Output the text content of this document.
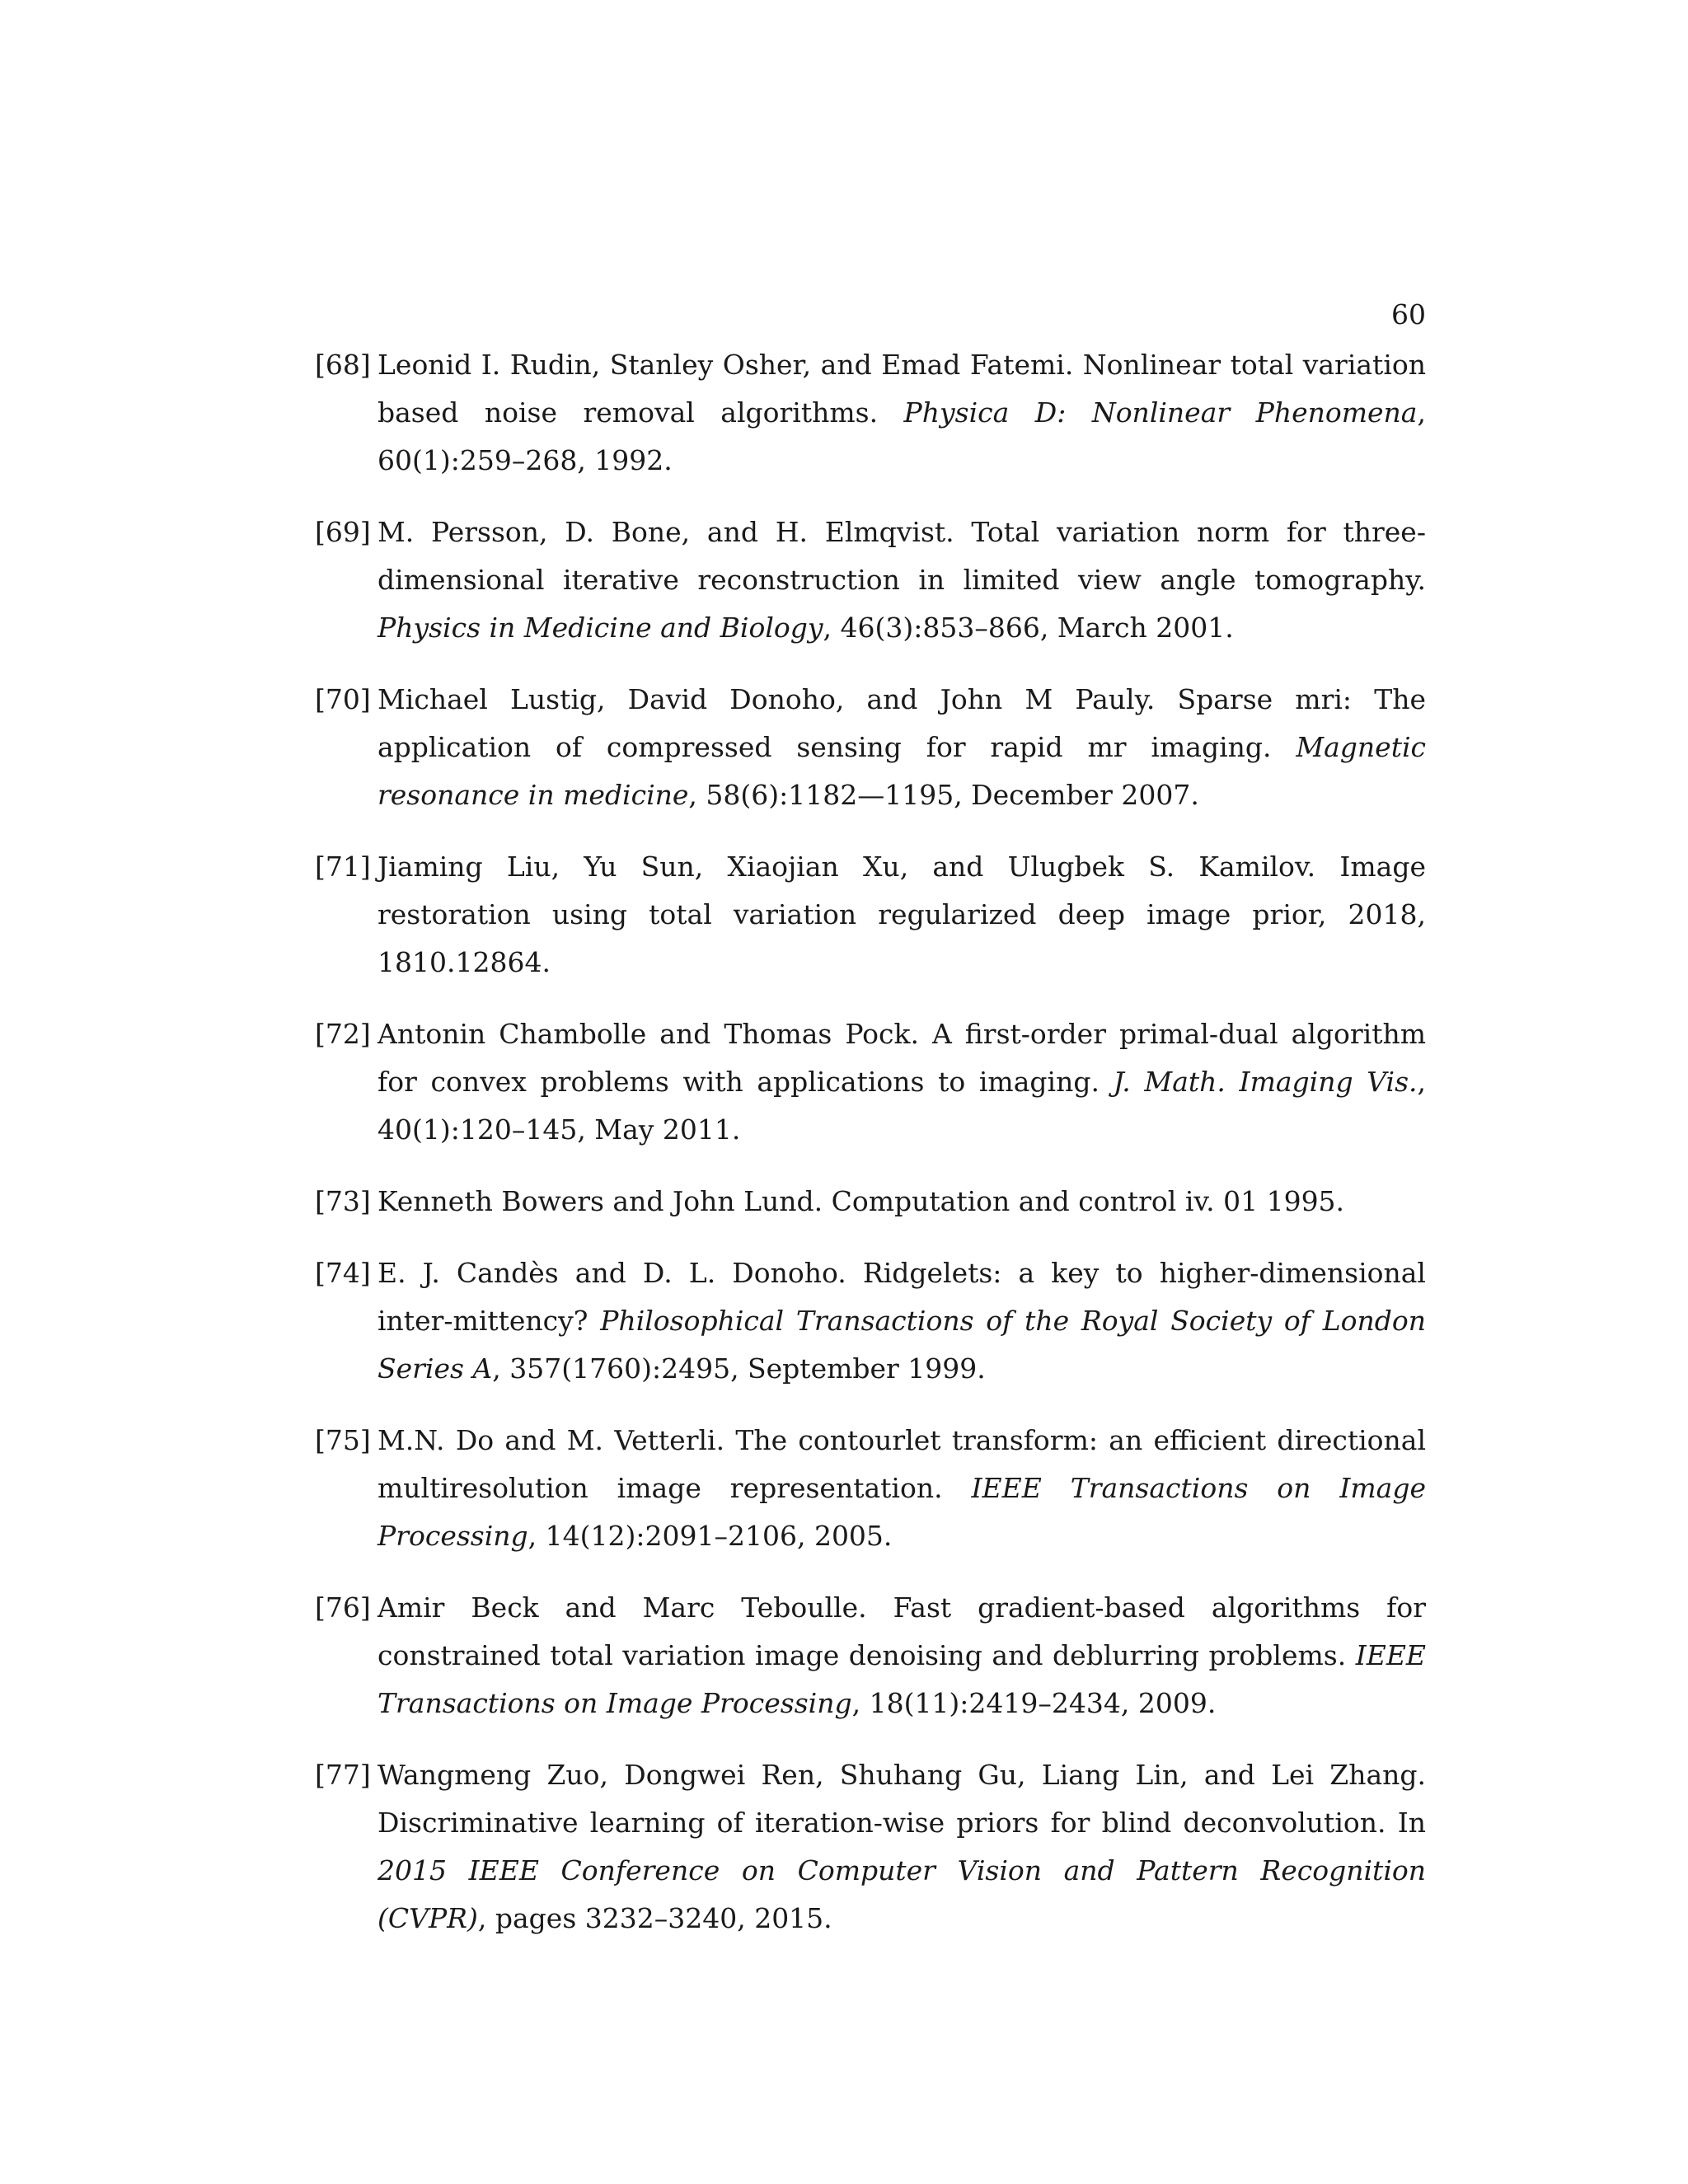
60
[68] Leonid I. Rudin, Stanley Osher, and Emad Fatemi. Nonlinear total variation based noise removal algorithms. Physica D: Nonlinear Phenomena, 60(1):259–268, 1992.
[69] M. Persson, D. Bone, and H. Elmqvist. Total variation norm for three-dimensional iterative reconstruction in limited view angle tomography. Physics in Medicine and Biology, 46(3):853–866, March 2001.
[70] Michael Lustig, David Donoho, and John M Pauly. Sparse mri: The application of compressed sensing for rapid mr imaging. Magnetic resonance in medicine, 58(6):1182—1195, December 2007.
[71] Jiaming Liu, Yu Sun, Xiaojian Xu, and Ulugbek S. Kamilov. Image restoration using total variation regularized deep image prior, 2018, 1810.12864.
[72] Antonin Chambolle and Thomas Pock. A first-order primal-dual algorithm for convex problems with applications to imaging. J. Math. Imaging Vis., 40(1):120–145, May 2011.
[73] Kenneth Bowers and John Lund. Computation and control iv. 01 1995.
[74] E. J. Candès and D. L. Donoho. Ridgelets: a key to higher-dimensional inter-mittency? Philosophical Transactions of the Royal Society of London Series A, 357(1760):2495, September 1999.
[75] M.N. Do and M. Vetterli. The contourlet transform: an efficient directional multiresolution image representation. IEEE Transactions on Image Processing, 14(12):2091–2106, 2005.
[76] Amir Beck and Marc Teboulle. Fast gradient-based algorithms for constrained total variation image denoising and deblurring problems. IEEE Transactions on Image Processing, 18(11):2419–2434, 2009.
[77] Wangmeng Zuo, Dongwei Ren, Shuhang Gu, Liang Lin, and Lei Zhang. Discriminative learning of iteration-wise priors for blind deconvolution. In 2015 IEEE Conference on Computer Vision and Pattern Recognition (CVPR), pages 3232–3240, 2015.
